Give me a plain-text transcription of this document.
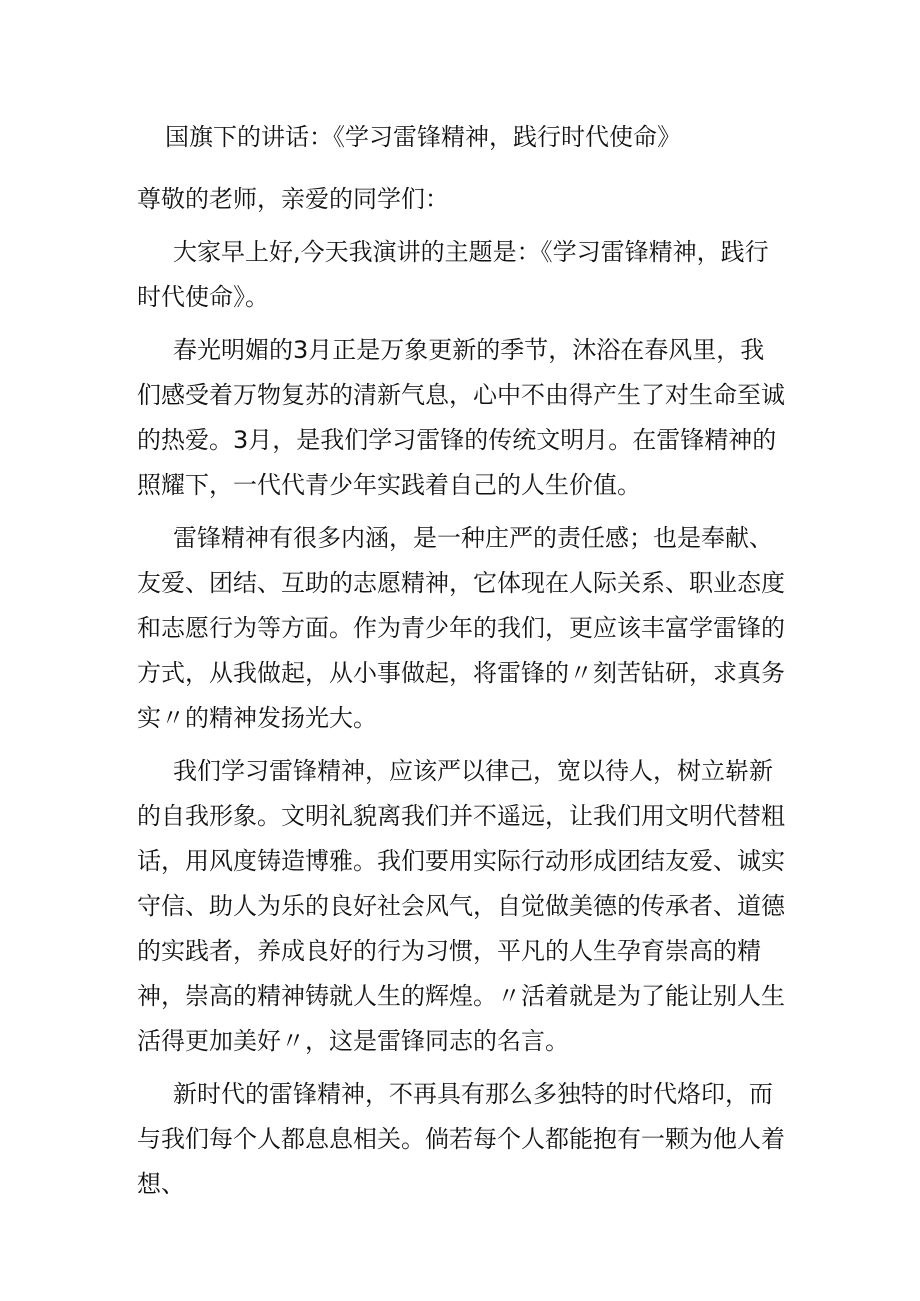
国旗下的讲话：《学习雷锋精神，践行时代使命》
尊敬的老师，亲爱的同学们：

大家早上好,今天我演讲的主题是：《学习雷锋精神，践行时代使命》。

春光明媚的3月正是万象更新的季节，沐浴在春风里，我们感受着万物复苏的清新气息，心中不由得产生了对生命至诚的热爱。3月，是我们学习雷锋的传统文明月。在雷锋精神的照耀下，一代代青少年实践着自己的人生价值。

雷锋精神有很多内涵，是一种庄严的责任感；也是奉献、友爱、团结、互助的志愿精神，它体现在人际关系、职业态度和志愿行为等方面。作为青少年的我们，更应该丰富学雷锋的方式，从我做起，从小事做起，将雷锋的〃刻苦钻研，求真务实〃的精神发扬光大。

我们学习雷锋精神，应该严以律己，宽以待人，树立崭新的自我形象。文明礼貌离我们并不遥远，让我们用文明代替粗话，用风度铸造博雅。我们要用实际行动形成团结友爱、诚实守信、助人为乐的良好社会风气，自觉做美德的传承者、道德的实践者，养成良好的行为习惯，平凡的人生孕育崇高的精神，崇高的精神铸就人生的辉煌。〃活着就是为了能让别人生活得更加美好〃，这是雷锋同志的名言。

新时代的雷锋精神，不再具有那么多独特的时代烙印，而与我们每个人都息息相关。倘若每个人都能抱有一颗为他人着想、
